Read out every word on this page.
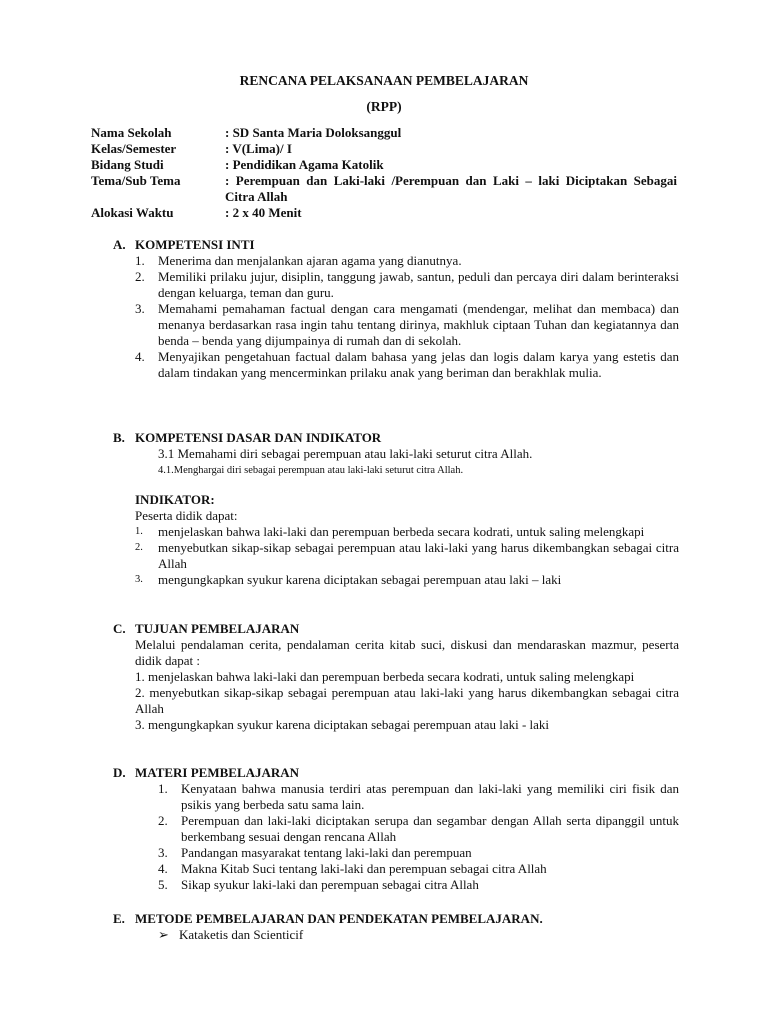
RENCANA PELAKSANAAN PEMBELAJARAN
(RPP)
Nama Sekolah	: SD Santa Maria Doloksanggul
Kelas/Semester	: V(Lima)/ I
Bidang Studi	: Pendidikan Agama Katolik
Tema/Sub Tema	: Perempuan dan Laki-laki /Perempuan dan Laki – laki Diciptakan Sebagai Citra Allah
Alokasi Waktu	: 2 x 40 Menit
A. KOMPETENSI INTI
1.	Menerima dan menjalankan ajaran agama yang dianutnya.
2.	Memiliki prilaku jujur, disiplin, tanggung jawab, santun, peduli dan percaya diri dalam berinteraksi dengan keluarga, teman dan guru.
3.	Memahami pemahaman factual dengan cara mengamati (mendengar, melihat dan membaca) dan menanya berdasarkan rasa ingin tahu tentang dirinya, makhluk ciptaan Tuhan dan kegiatannya dan benda – benda yang dijumpainya di rumah dan di sekolah.
4.	Menyajikan pengetahuan factual dalam bahasa yang jelas dan logis dalam karya yang estetis dan dalam tindakan yang mencerminkan prilaku anak yang beriman dan berakhlak mulia.
B. KOMPETENSI DASAR DAN INDIKATOR
3.1 Memahami diri sebagai perempuan atau laki-laki seturut citra Allah.
4.1.Menghargai diri sebagai perempuan atau laki-laki seturut citra Allah.
INDIKATOR:
Peserta didik dapat:
1.	menjelaskan bahwa laki-laki dan perempuan berbeda secara kodrati, untuk saling melengkapi
2.	menyebutkan sikap-sikap sebagai perempuan atau laki-laki yang harus dikembangkan sebagai citra Allah
3.	mengungkapkan syukur karena diciptakan sebagai perempuan atau laki – laki
C. TUJUAN PEMBELAJARAN

Melalui pendalaman cerita, pendalaman cerita kitab suci, diskusi dan mendaraskan mazmur, peserta didik dapat :

1. menjelaskan bahwa laki-laki dan perempuan berbeda secara kodrati, untuk saling melengkapi

2. menyebutkan sikap-sikap sebagai perempuan atau laki-laki yang harus dikembangkan sebagai citra Allah

3. mengungkapkan syukur karena diciptakan sebagai perempuan atau laki - laki

D. MATERI PEMBELAJARAN
1.	Kenyataan bahwa manusia terdiri atas perempuan dan laki-laki yang memiliki ciri fisik dan psikis yang berbeda satu sama lain.
2.	Perempuan dan laki-laki diciptakan serupa dan segambar dengan Allah serta dipanggil untuk berkembang sesuai dengan rencana Allah
3.	Pandangan masyarakat tentang laki-laki dan perempuan
4.	Makna Kitab Suci tentang laki-laki dan perempuan sebagai citra Allah
5.	Sikap syukur laki-laki dan perempuan sebagai citra Allah
E. METODE PEMBELAJARAN DAN PENDEKATAN PEMBELAJARAN.
➢ Kataketis dan Scienticif
